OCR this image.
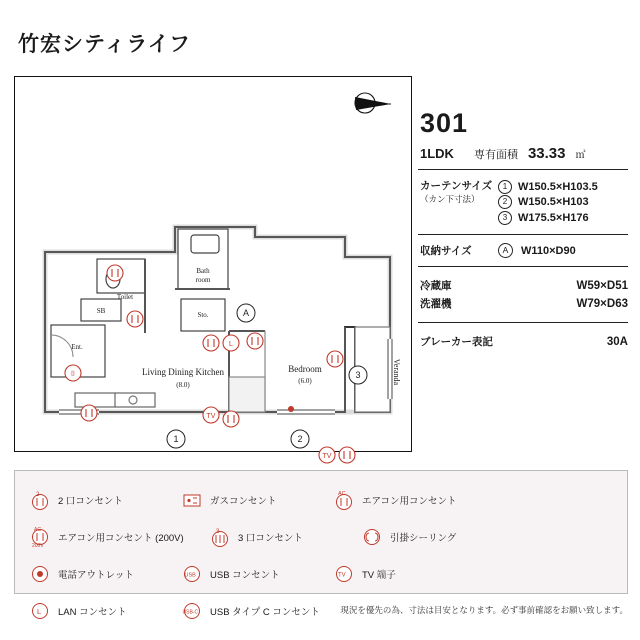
竹宏シティライフ
Toilet
Bath
room
SB
Ent.
Sto.
Living Dining Kitchen
(8.0)
Bedroom
(6.0)	Veranda
A
1	2
3
L
TV
TV
⌷
301
1LDK 専有面積 33.33 ㎡
カーテンサイズ
（カン下寸法）
1 W150.5×H103.5
2 W150.5×H103
3 W175.5×H176
収納サイズ	A	W110×D90
冷蔵庫	W59×D51
洗濯機	W79×D63
ブレーカー表記	30A
2
2 口コンセント	ガスコンセント
AC
エアコン用コンセント
AC
200V
エアコン用コンセント (200V)
3
3 口コンセント	引掛シーリング
電話アウトレット	USB USB コンセント	TV TV 端子
L LAN コンセント	USB-C USB タイプ C コンセント	現況を優先の為、寸法は目安となります。必ず事前確認をお願い致します。
